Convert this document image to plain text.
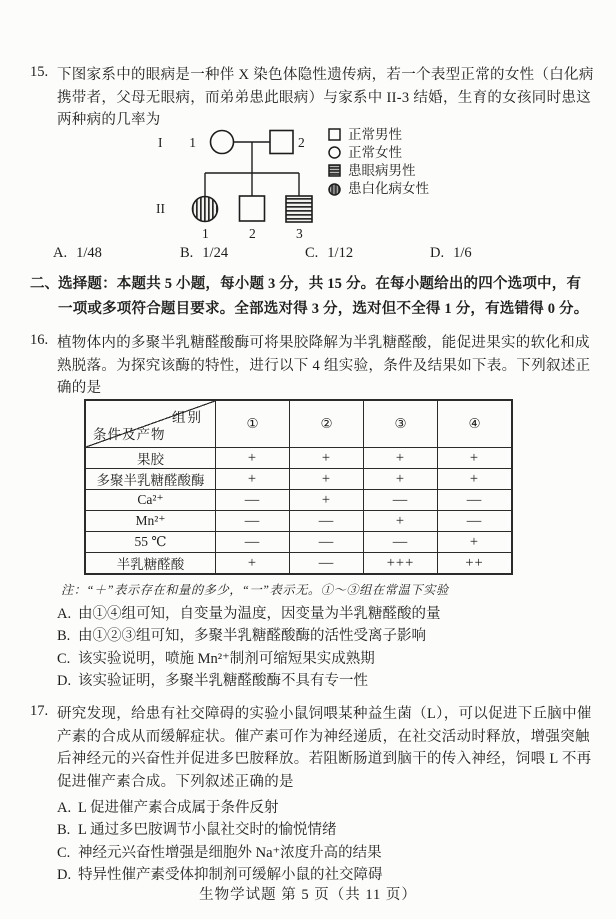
15. 下图家系中的眼病是一种伴 X 染色体隐性遗传病，若一个表型正常的女性（白化病
携带者，父母无眼病，而弟弟患此眼病）与家系中 II-3 结婚，生育的女孩同时患这
两种病的几率为
I
II
1	2
1	2	3
正常男性
正常女性
患眼病男性
患白化病女性
A. 1/48	B. 1/24	C. 1/12	D. 1/6
二、 选择题：本题共 5 小题，每小题 3 分，共 15 分。在每小题给出的四个选项中，有
一项或多项符合题目要求。全部选对得 3 分，选对但不全得 1 分，有选错得 0 分。
16. 植物体内的多聚半乳糖醛酸酶可将果胶降解为半乳糖醛酸，能促进果实的软化和成
熟脱落。为探究该酶的特性，进行以下 4 组实验，条件及结果如下表。下列叙述正
确的是
组别
条件及产物	①	②	③	④
果胶	+	+	+	+
多聚半乳糖醛酸酶	+	+	+	+
Ca²⁺	—	+	—	—
Mn²⁺	—	—	+	—
55 ℃	—	—	—	+
半乳糖醛酸	+	—	+++	++
注：“＋”表示存在和量的多少，“一”表示无。①～③组在常温下实验
A. 由①④组可知，自变量为温度，因变量为半乳糖醛酸的量
B. 由①②③组可知，多聚半乳糖醛酸酶的活性受离子影响
C. 该实验说明，喷施 Mn²⁺制剂可缩短果实成熟期
D. 该实验证明，多聚半乳糖醛酸酶不具有专一性
17. 研究发现，给患有社交障碍的实验小鼠饲喂某种益生菌（L），可以促进下丘脑中催
产素的合成从而缓解症状。催产素可作为神经递质，在社交活动时释放，增强突触
后神经元的兴奋性并促进多巴胺释放。若阻断肠道到脑干的传入神经，饲喂 L 不再
促进催产素合成。下列叙述正确的是
A. L 促进催产素合成属于条件反射
B. L 通过多巴胺调节小鼠社交时的愉悦情绪
C. 神经元兴奋性增强是细胞外 Na⁺浓度升高的结果
D. 特异性催产素受体抑制剂可缓解小鼠的社交障碍
生物学试题 第 5 页（共 11 页）
